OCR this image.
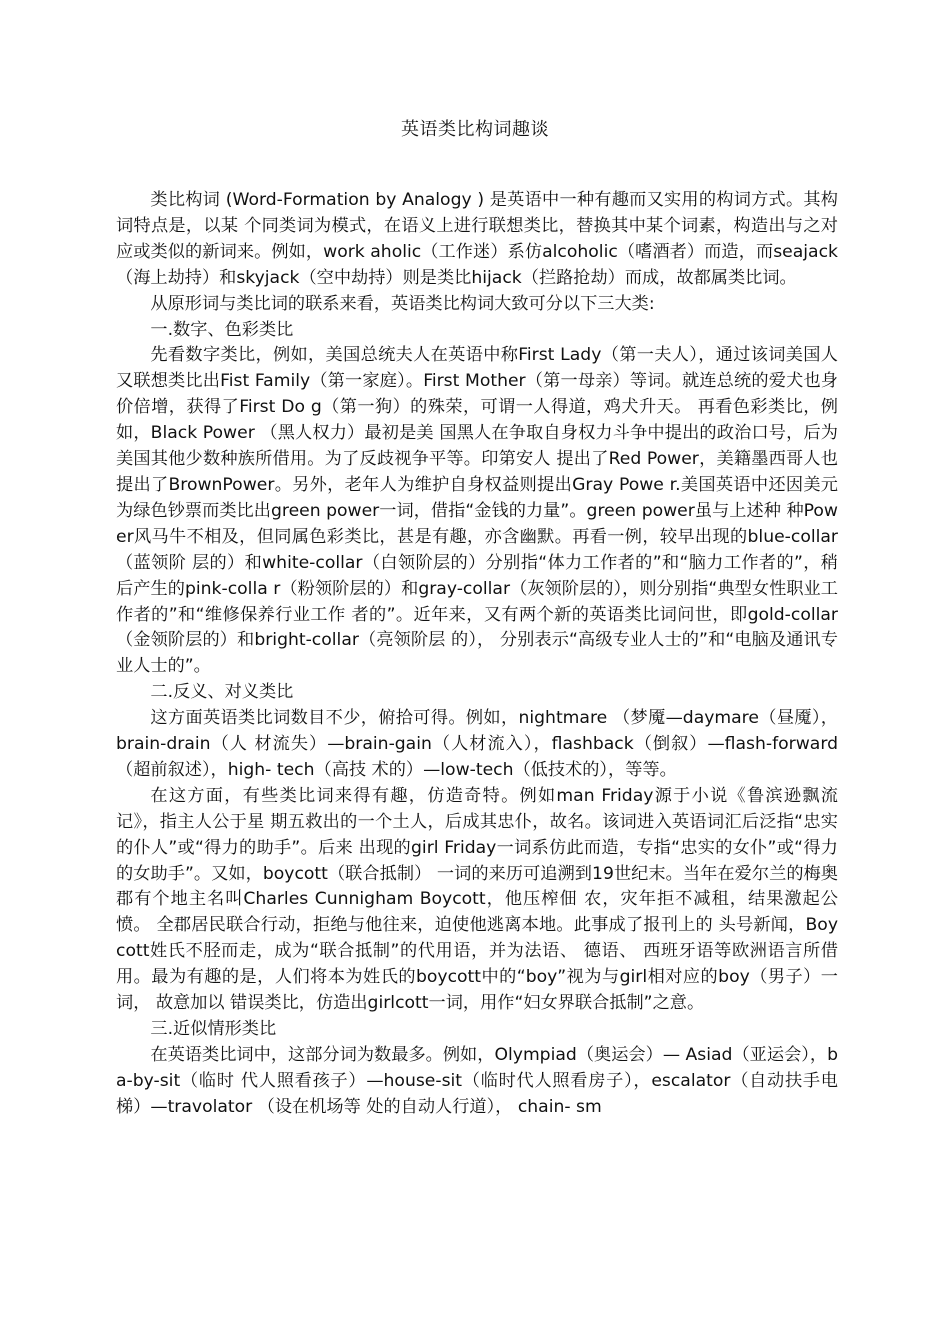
英语类比构词趣谈

类比构词 (Word-Formation by Analogy ) 是英语中一种有趣而又实用的构词方式。其构词特点是，以某 个同类词为模式，在语义上进行联想类比，替换其中某个词素，构造出与之对应或类似的新词来。例如，work aholic（工作迷）系仿alcoholic（嗜酒者）而造，而seajack（海上劫持）和skyjack（空中劫持）则是类比hijack（拦路抢劫）而成，故都属类比词。

从原形词与类比词的联系来看，英语类比构词大致可分以下三大类:

一.数字、色彩类比

先看数字类比，例如，美国总统夫人在英语中称First Lady（第一夫人），通过该词美国人又联想类比出Fist Family（第一家庭）。First Mother（第一母亲）等词。就连总统的爱犬也身价倍增，获得了First Do g（第一狗）的殊荣，可谓一人得道，鸡犬升天。 再看色彩类比，例如，Black Power （黑人权力）最初是美 国黑人在争取自身权力斗争中提出的政治口号，后为美国其他少数种族所借用。为了反歧视争平等。印第安人 提出了Red Power，美籍墨西哥人也提出了BrownPower。另外，老年人为维护自身权益则提出Gray Powe r.美国英语中还因美元为绿色钞票而类比出green power一词，借指“金钱的力量”。green power虽与上述种 种Power风马牛不相及，但同属色彩类比，甚是有趣，亦含幽默。再看一例，较早出现的blue-collar（蓝领阶 层的）和white-collar（白领阶层的）分别指“体力工作者的”和“脑力工作者的”，稍后产生的pink-colla r（粉领阶层的）和gray-collar（灰领阶层的），则分别指“典型女性职业工作者的”和“维修保养行业工作 者的”。近年来，又有两个新的英语类比词问世，即gold-collar （金领阶层的）和bright-collar（亮领阶层 的）， 分别表示“高级专业人士的”和“电脑及通讯专业人士的”。

二.反义、对义类比

这方面英语类比词数目不少，俯拾可得。例如，nightmare （梦魇—daymare（昼魇），brain-drain（人 材流失）—brain-gain（人材流入），flashback（倒叙）—flash-forward（超前叙述），high- tech（高技 术的）—low-tech（低技术的），等等。

在这方面，有些类比词来得有趣，仿造奇特。例如man Friday源于小说《鲁滨逊飘流记》，指主人公于星 期五救出的一个土人，后成其忠仆，故名。该词进入英语词汇后泛指“忠实的仆人”或“得力的助手”。后来 出现的girl Friday一词系仿此而造，专指“忠实的女仆”或“得力的女助手”。又如，boycott（联合抵制） 一词的来历可追溯到19世纪末。当年在爱尔兰的梅奥郡有个地主名叫Charles Cunnigham Boycott，他压榨佃 农，灾年拒不减租，结果激起公愤。 全郡居民联合行动，拒绝与他往来，迫使他逃离本地。此事成了报刊上的 头号新闻，Boycott姓氏不胫而走，成为“联合抵制”的代用语，并为法语、 德语、 西班牙语等欧洲语言所借 用。最为有趣的是，人们将本为姓氏的boycott中的“boy”视为与girl相对应的boy（男子）一词， 故意加以 错误类比，仿造出girlcott一词，用作“妇女界联合抵制”之意。

三.近似情形类比

在英语类比词中，这部分词为数最多。例如，Olympiad（奥运会）— Asiad（亚运会），ba-by-sit（临时 代人照看孩子）—house-sit（临时代人照看房子），escalator（自动扶手电梯）—travolator （设在机场等 处的自动人行道）， chain- sm
